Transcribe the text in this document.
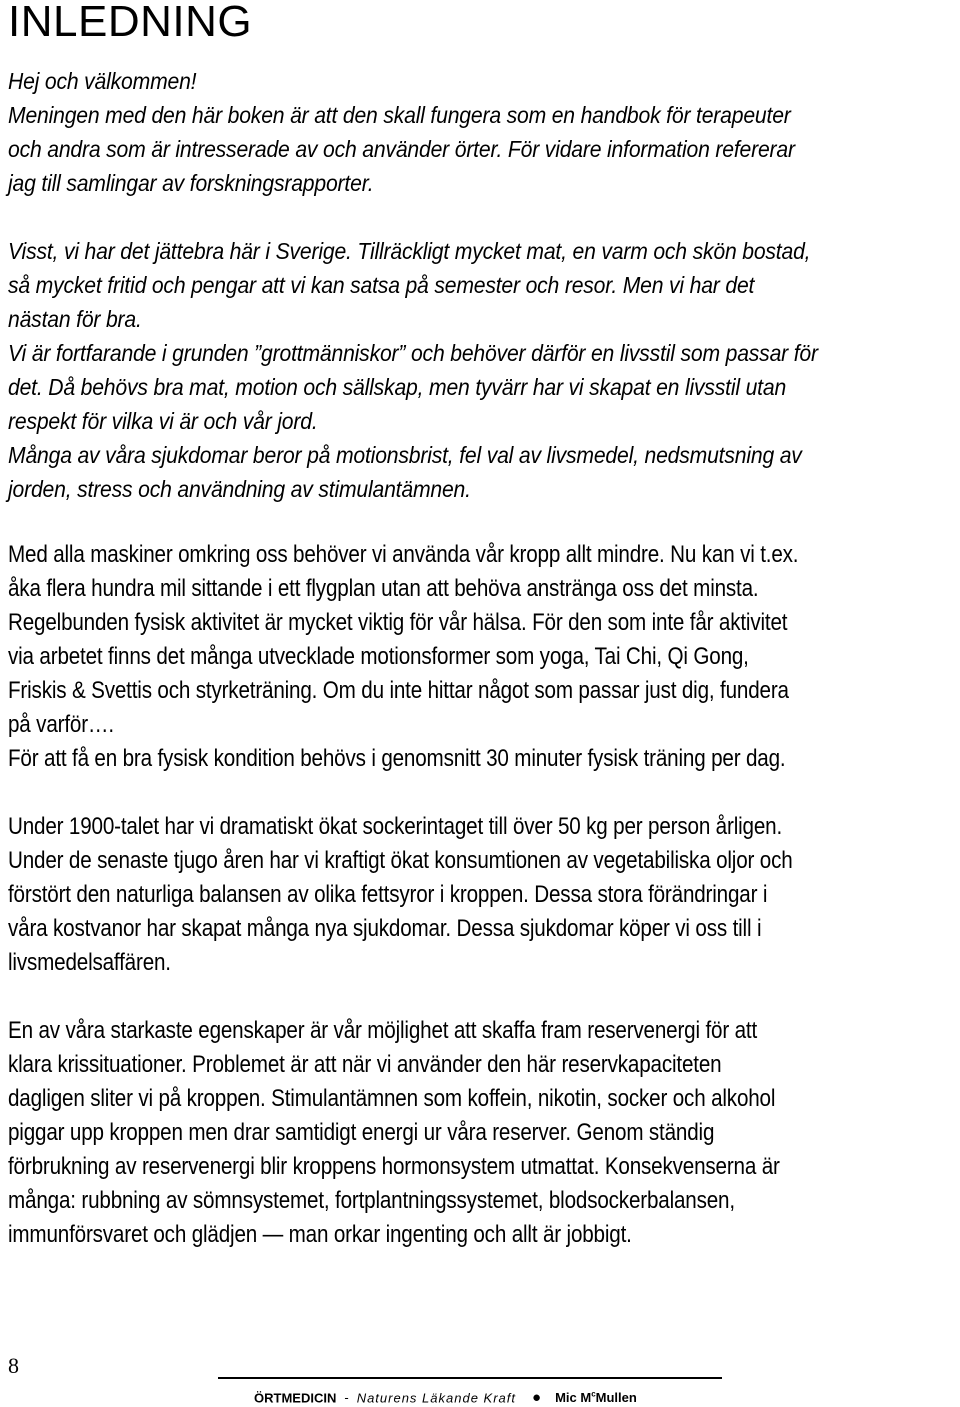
INLEDNING

Hej och välkommen!

Meningen med den här boken är att den skall fungera som en handbok för terapeuter

och andra som är intresserade av och använder örter. För vidare information refererar

jag till samlingar av forskningsrapporter.

Visst, vi har det jättebra här i Sverige. Tillräckligt mycket mat, en varm och skön bostad,

så mycket fritid och pengar att vi kan satsa på semester och resor. Men vi har det

nästan för bra.

Vi är fortfarande i grunden ”grottmänniskor” och behöver därför en livsstil som passar för

det. Då behövs bra mat, motion och sällskap, men tyvärr har vi skapat en livsstil utan

respekt för vilka vi är och vår jord.

Många av våra sjukdomar beror på motionsbrist, fel val av livsmedel, nedsmutsning av

jorden, stress och användning av stimulantämnen.

Med alla maskiner omkring oss behöver vi använda vår kropp allt mindre. Nu kan vi t.ex.

åka flera hundra mil sittande i ett flygplan utan att behöva anstränga oss det minsta.

Regelbunden fysisk aktivitet är mycket viktig för vår hälsa. För den som inte får aktivitet

via arbetet finns det många utvecklade motionsformer som yoga, Tai Chi, Qi Gong,

Friskis & Svettis och styrketräning. Om du inte hittar något som passar just dig, fundera

på varför….

För att få en bra fysisk kondition behövs i genomsnitt 30 minuter fysisk träning per dag.

Under 1900-talet har vi dramatiskt ökat sockerintaget till över 50 kg per person årligen.

Under de senaste tjugo åren har vi kraftigt ökat konsumtionen av vegetabiliska oljor och

förstört den naturliga balansen av olika fettsyror i kroppen. Dessa stora förändringar i

våra kostvanor har skapat många nya sjukdomar. Dessa sjukdomar köper vi oss till i

livsmedelsaffären.

En av våra starkaste egenskaper är vår möjlighet att skaffa fram reservenergi för att

klara krissituationer. Problemet är att när vi använder den här reservkapaciteten

dagligen sliter vi på kroppen. Stimulantämnen som koffein, nikotin, socker och alkohol

piggar upp kroppen men drar samtidigt energi ur våra reserver. Genom ständig

förbrukning av reservenergi blir kroppens hormonsystem utmattat. Konsekvenserna är

många: rubbning av sömnsystemet, fortplantningssystemet, blodsockerbalansen,

immunförsvaret och glädjen — man orkar ingenting och allt är jobbigt.

8
ÖRTMEDICIN - Naturens Läkande Kraft ● Mic $M^cMullen$
